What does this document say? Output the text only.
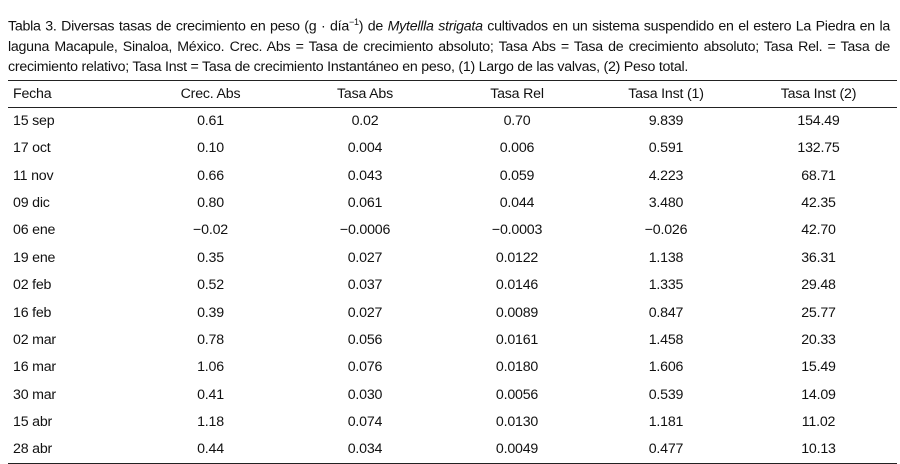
Tabla 3. Diversas tasas de crecimiento en peso (g · día$^{-1}$) de Mytellla strigata cultivados en un sistema suspendido en el estero La Piedra en la laguna Macapule, Sinaloa, México. Crec. Abs = Tasa de crecimiento absoluto; Tasa Abs = Tasa de crecimiento absoluto; Tasa Rel. = Tasa de crecimiento relativo; Tasa Inst = Tasa de crecimiento Instantáneo en peso, (1) Largo de las valvas, (2) Peso total.

Fecha	Crec. Abs	Tasa Abs	Tasa Rel	Tasa Inst (1)	Tasa Inst (2)
15 sep	0.61	0.02	0.70	9.839	154.49
17 oct	0.10	0.004	0.006	0.591	132.75
11 nov	0.66	0.043	0.059	4.223	68.71
09 dic	0.80	0.061	0.044	3.480	42.35
06 ene	−0.02	−0.0006	−0.0003	−0.026	42.70
19 ene	0.35	0.027	0.0122	1.138	36.31
02 feb	0.52	0.037	0.0146	1.335	29.48
16 feb	0.39	0.027	0.0089	0.847	25.77
02 mar	0.78	0.056	0.0161	1.458	20.33
16 mar	1.06	0.076	0.0180	1.606	15.49
30 mar	0.41	0.030	0.0056	0.539	14.09
15 abr	1.18	0.074	0.0130	1.181	11.02
28 abr	0.44	0.034	0.0049	0.477	10.13
